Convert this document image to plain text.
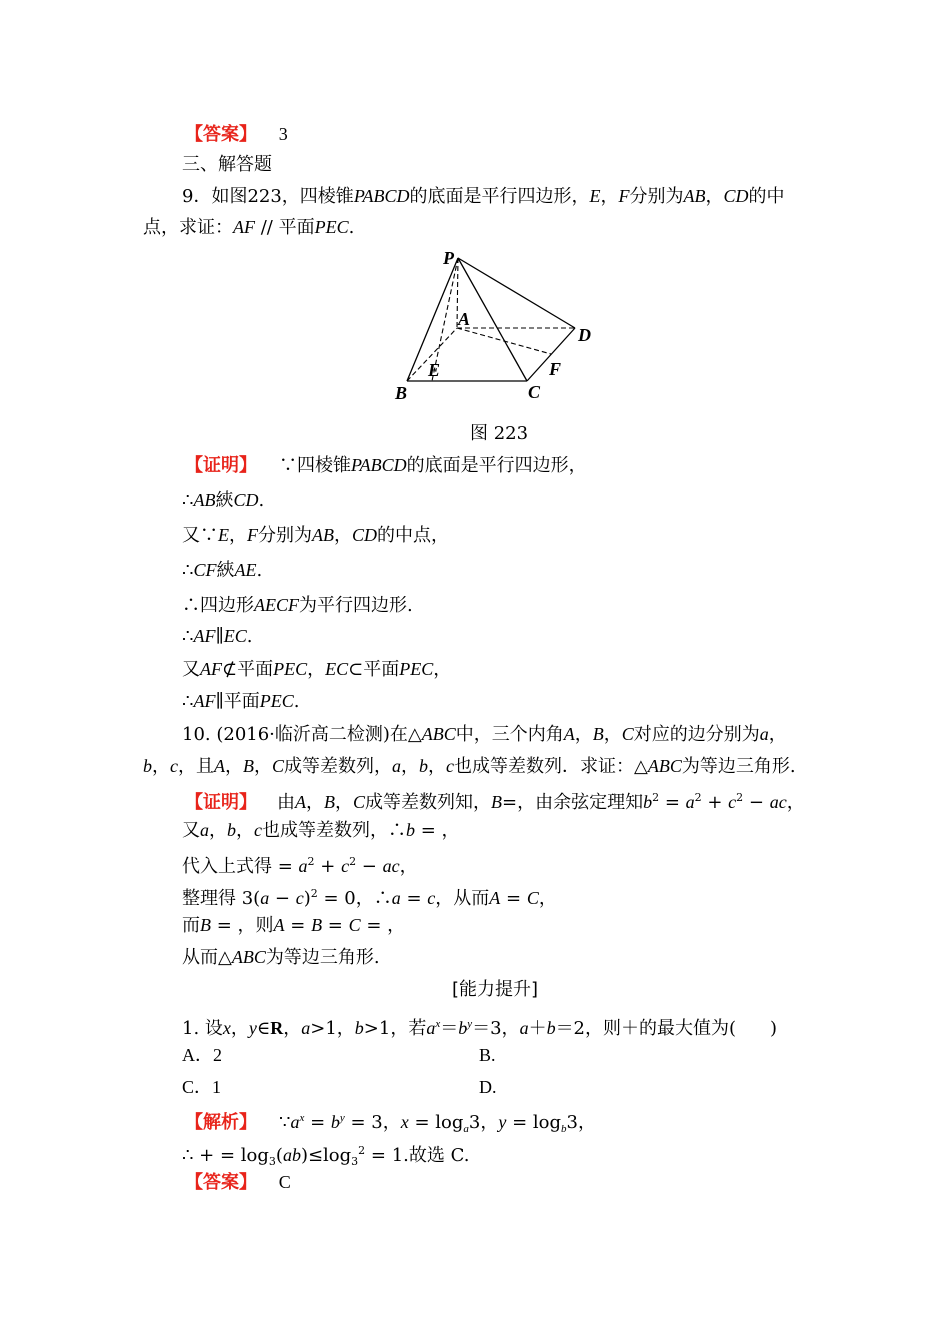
【答案】 3
三、解答题
9．如图223，四棱锥PABCD的底面是平行四边形，E，F分别为AB，CD的中
点，求证：AF // 平面PEC.
P
A
D
E	F
B	C
图 223
【证明】 ∵四棱锥PABCD的底面是平行四边形，
∴AB綊CD.
又∵E，F分别为AB，CD的中点，
∴CF綊AE.
∴四边形AECF为平行四边形.
∴AF∥EC.
又AF⊄平面PEC，EC⊂平面PEC，
∴AF∥平面PEC.
10. (2016·临沂高二检测)在△ABC中，三个内角A，B，C对应的边分别为a，
b，c，且A，B，C成等差数列，a，b，c也成等差数列．求证：△ABC为等边三角形.
【证明】 由A，B，C成等差数列知，B=，由余弦定理知$b^2 = a^2 + c^2$ − ac，
又a，b，c也成等差数列，∴b = ，
代入上式得 = $a^2 + c^2$ − ac，
整理得 $3(a - c)^2 = 0$，∴a = c，从而A = C，
而B = ，则A = B = C = ，
从而△ABC为等边三角形.
[能力提升]
1. 设x，y∈R，a>1，b>1，若$a^x=b^y=3$，a＋b＝2，则＋的最大值为( )
A．2	B.
C．1	D.
【解析】 $\because a^x = b^y = 3$，$x = \log_a3$，$y = \log_b3$，
∴ + = $\log_3(ab)\le\log_3^2 = 1$.故选 C.
【答案】 C
